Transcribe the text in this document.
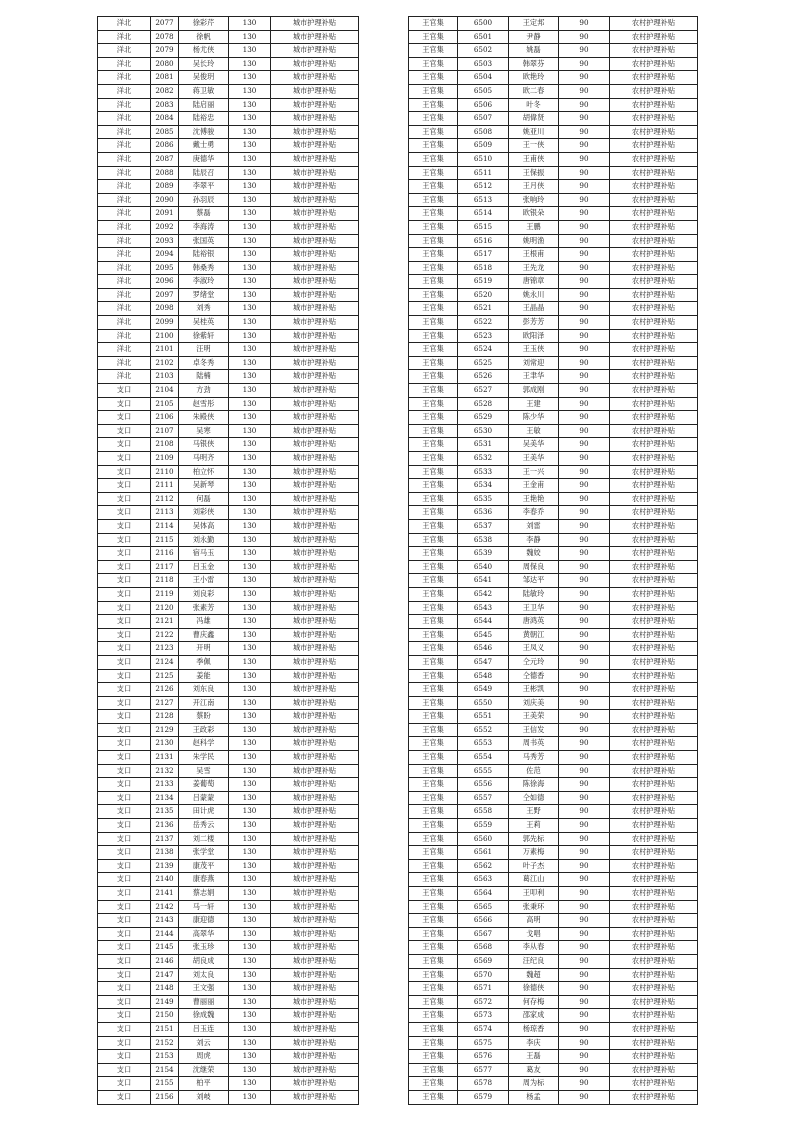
洋北	2077	徐彩芹	130	城市护理补贴
洋北	2078	徐帆	130	城市护理补贴
洋北	2079	杨尤侠	130	城市护理补贴
洋北	2080	吴长玲	130	城市护理补贴
洋北	2081	吴俊玥	130	城市护理补贴
洋北	2082	蒋卫敏	130	城市护理补贴
洋北	2083	陆启丽	130	城市护理补贴
洋北	2084	陆裕忠	130	城市护理补贴
洋北	2085	沈傅骏	130	城市护理补贴
洋北	2086	戴士勇	130	城市护理补贴
洋北	2087	庚德华	130	城市护理补贴
洋北	2088	陆辰召	130	城市护理补贴
洋北	2089	李翠平	130	城市护理补贴
洋北	2090	孙羽辰	130	城市护理补贴
洋北	2091	蔡磊	130	城市护理补贴
洋北	2092	李海涛	130	城市护理补贴
洋北	2093	张国英	130	城市护理补贴
洋北	2094	陆裕银	130	城市护理补贴
洋北	2095	韩桑秀	130	城市护理补贴
洋北	2096	李淑玲	130	城市护理补贴
洋北	2097	罗绪堂	130	城市护理补贴
洋北	2098	刘秀	130	城市护理补贴
洋北	2099	吴桂英	130	城市护理补贴
洋北	2100	徐紫轩	130	城市护理补贴
洋北	2101	汪明	130	城市护理补贴
洋北	2102	卓冬秀	130	城市护理补贴
洋北	2103	陆楠	130	城市护理补贴
支口	2104	方劲	130	城市护理补贴
支口	2105	赵雪彤	130	城市护理补贴
支口	2106	朱殿侠	130	城市护理补贴
支口	2107	吴寒	130	城市护理补贴
支口	2108	马银侠	130	城市护理补贴
支口	2109	马明齐	130	城市护理补贴
支口	2110	柏立怀	130	城市护理补贴
支口	2111	吴新琴	130	城市护理补贴
支口	2112	何磊	130	城市护理补贴
支口	2113	刘彩侠	130	城市护理补贴
支口	2114	吴体高	130	城市护理补贴
支口	2115	刘永勤	130	城市护理补贴
支口	2116	宿马玉	130	城市护理补贴
支口	2117	吕玉金	130	城市护理补贴
支口	2118	王小雷	130	城市护理补贴
支口	2119	刘良彩	130	城市护理补贴
支口	2120	张素芳	130	城市护理补贴
支口	2121	冯雄	130	城市护理补贴
支口	2122	曹庆鑫	130	城市护理补贴
支口	2123	开明	130	城市护理补贴
支口	2124	季佩	130	城市护理补贴
支口	2125	姜能	130	城市护理补贴
支口	2126	刘东良	130	城市护理补贴
支口	2127	开江南	130	城市护理补贴
支口	2128	蔡盼	130	城市护理补贴
支口	2129	王政彩	130	城市护理补贴
支口	2130	赵科学	130	城市护理补贴
支口	2131	朱学民	130	城市护理补贴
支口	2132	吴雪	130	城市护理补贴
支口	2133	姜葡萄	130	城市护理补贴
支口	2134	吕蒙蒙	130	城市护理补贴
支口	2135	田计虎	130	城市护理补贴
支口	2136	岳秀云	130	城市护理补贴
支口	2137	刘二楼	130	城市护理补贴
支口	2138	张学堂	130	城市护理补贴
支口	2139	康茂平	130	城市护理补贴
支口	2140	康春燕	130	城市护理补贴
支口	2141	蔡志娟	130	城市护理补贴
支口	2142	马一轩	130	城市护理补贴
支口	2143	康迎德	130	城市护理补贴
支口	2144	高翠华	130	城市护理补贴
支口	2145	张玉珍	130	城市护理补贴
支口	2146	胡良成	130	城市护理补贴
支口	2147	刘太良	130	城市护理补贴
支口	2148	王文强	130	城市护理补贴
支口	2149	曹丽丽	130	城市护理补贴
支口	2150	徐成魏	130	城市护理补贴
支口	2151	吕玉连	130	城市护理补贴
支口	2152	刘云	130	城市护理补贴
支口	2153	周虎	130	城市护理补贴
支口	2154	沈继荣	130	城市护理补贴
支口	2155	柏平	130	城市护理补贴
支口	2156	刘岐	130	城市护理补贴
王官集	6500	王定邦	90	农村护理补贴
王官集	6501	尹静	90	农村护理补贴
王官集	6502	姚磊	90	农村护理补贴
王官集	6503	韩翠芬	90	农村护理补贴
王官集	6504	欧艳玲	90	农村护理补贴
王官集	6505	欧二春	90	农村护理补贴
王官集	6506	叶冬	90	农村护理补贴
王官集	6507	胡偉贤	90	农村护理补贴
王官集	6508	姚亚川	90	农村护理补贴
王官集	6509	王一侠	90	农村护理补贴
王官集	6510	王甫侠	90	农村护理补贴
王官集	6511	王保振	90	农村护理补贴
王官集	6512	王月侠	90	农村护理补贴
王官集	6513	张响玲	90	农村护理补贴
王官集	6514	欧银朵	90	农村护理补贴
王官集	6515	王鹏	90	农村护理补贴
王官集	6516	姚明渔	90	农村护理补贴
王官集	6517	王根甫	90	农村护理补贴
王官集	6518	王先龙	90	农村护理补贴
王官集	6519	唐锦章	90	农村护理补贴
王官集	6520	姚永川	90	农村护理补贴
王官集	6521	王晶晶	90	农村护理补贴
王官集	6522	彭芳芳	90	农村护理补贴
王官集	6523	欧阳泽	90	农村护理补贴
王官集	6524	王玉侠	90	农村护理补贴
王官集	6525	刘常迎	90	农村护理补贴
王官集	6526	王聿华	90	农村护理补贴
王官集	6527	郭成刚	90	农村护理补贴
王官集	6528	王建	90	农村护理补贴
王官集	6529	陈少华	90	农村护理补贴
王官集	6530	王敏	90	农村护理补贴
王官集	6531	吴美华	90	农村护理补贴
王官集	6532	王美华	90	农村护理补贴
王官集	6533	王一兴	90	农村护理补贴
王官集	6534	王金甫	90	农村护理补贴
王官集	6535	王艳艳	90	农村护理补贴
王官集	6536	李春乔	90	农村护理补贴
王官集	6537	刘雷	90	农村护理补贴
王官集	6538	李静	90	农村护理补贴
王官集	6539	魏姣	90	农村护理补贴
王官集	6540	周保良	90	农村护理补贴
王官集	6541	邹达平	90	农村护理补贴
王官集	6542	陆敏玲	90	农村护理补贴
王官集	6543	王卫华	90	农村护理补贴
王官集	6544	唐鸿英	90	农村护理补贴
王官集	6545	黄朝江	90	农村护理补贴
王官集	6546	王凤义	90	农村护理补贴
王官集	6547	仝元玲	90	农村护理补贴
王官集	6548	仝德香	90	农村护理补贴
王官集	6549	王彬凯	90	农村护理补贴
王官集	6550	刘庆美	90	农村护理补贴
王官集	6551	王美荣	90	农村护理补贴
王官集	6552	王信发	90	农村护理补贴
王官集	6553	周书英	90	农村护理补贴
王官集	6554	马秀芳	90	农村护理补贴
王官集	6555	佐范	90	农村护理补贴
王官集	6556	陈徐海	90	农村护理补贴
王官集	6557	仝如德	90	农村护理补贴
王官集	6558	王野	90	农村护理补贴
王官集	6559	王莉	90	农村护理补贴
王官集	6560	郭先标	90	农村护理补贴
王官集	6561	万素梅	90	农村护理补贴
王官集	6562	叶子杰	90	农村护理补贴
王官集	6563	葛江山	90	农村护理补贴
王官集	6564	王叩利	90	农村护理补贴
王官集	6565	张秉环	90	农村护理补贴
王官集	6566	高明	90	农村护理补贴
王官集	6567	戈唱	90	农村护理补贴
王官集	6568	李从春	90	农村护理补贴
王官集	6569	汪纪良	90	农村护理补贴
王官集	6570	魏超	90	农村护理补贴
王官集	6571	徐德侠	90	农村护理补贴
王官集	6572	何存梅	90	农村护理补贴
王官集	6573	邵家成	90	农村护理补贴
王官集	6574	杨琼香	90	农村护理补贴
王官集	6575	李庆	90	农村护理补贴
王官集	6576	王磊	90	农村护理补贴
王官集	6577	葛友	90	农村护理补贴
王官集	6578	周为标	90	农村护理补贴
王官集	6579	杨孟	90	农村护理补贴
